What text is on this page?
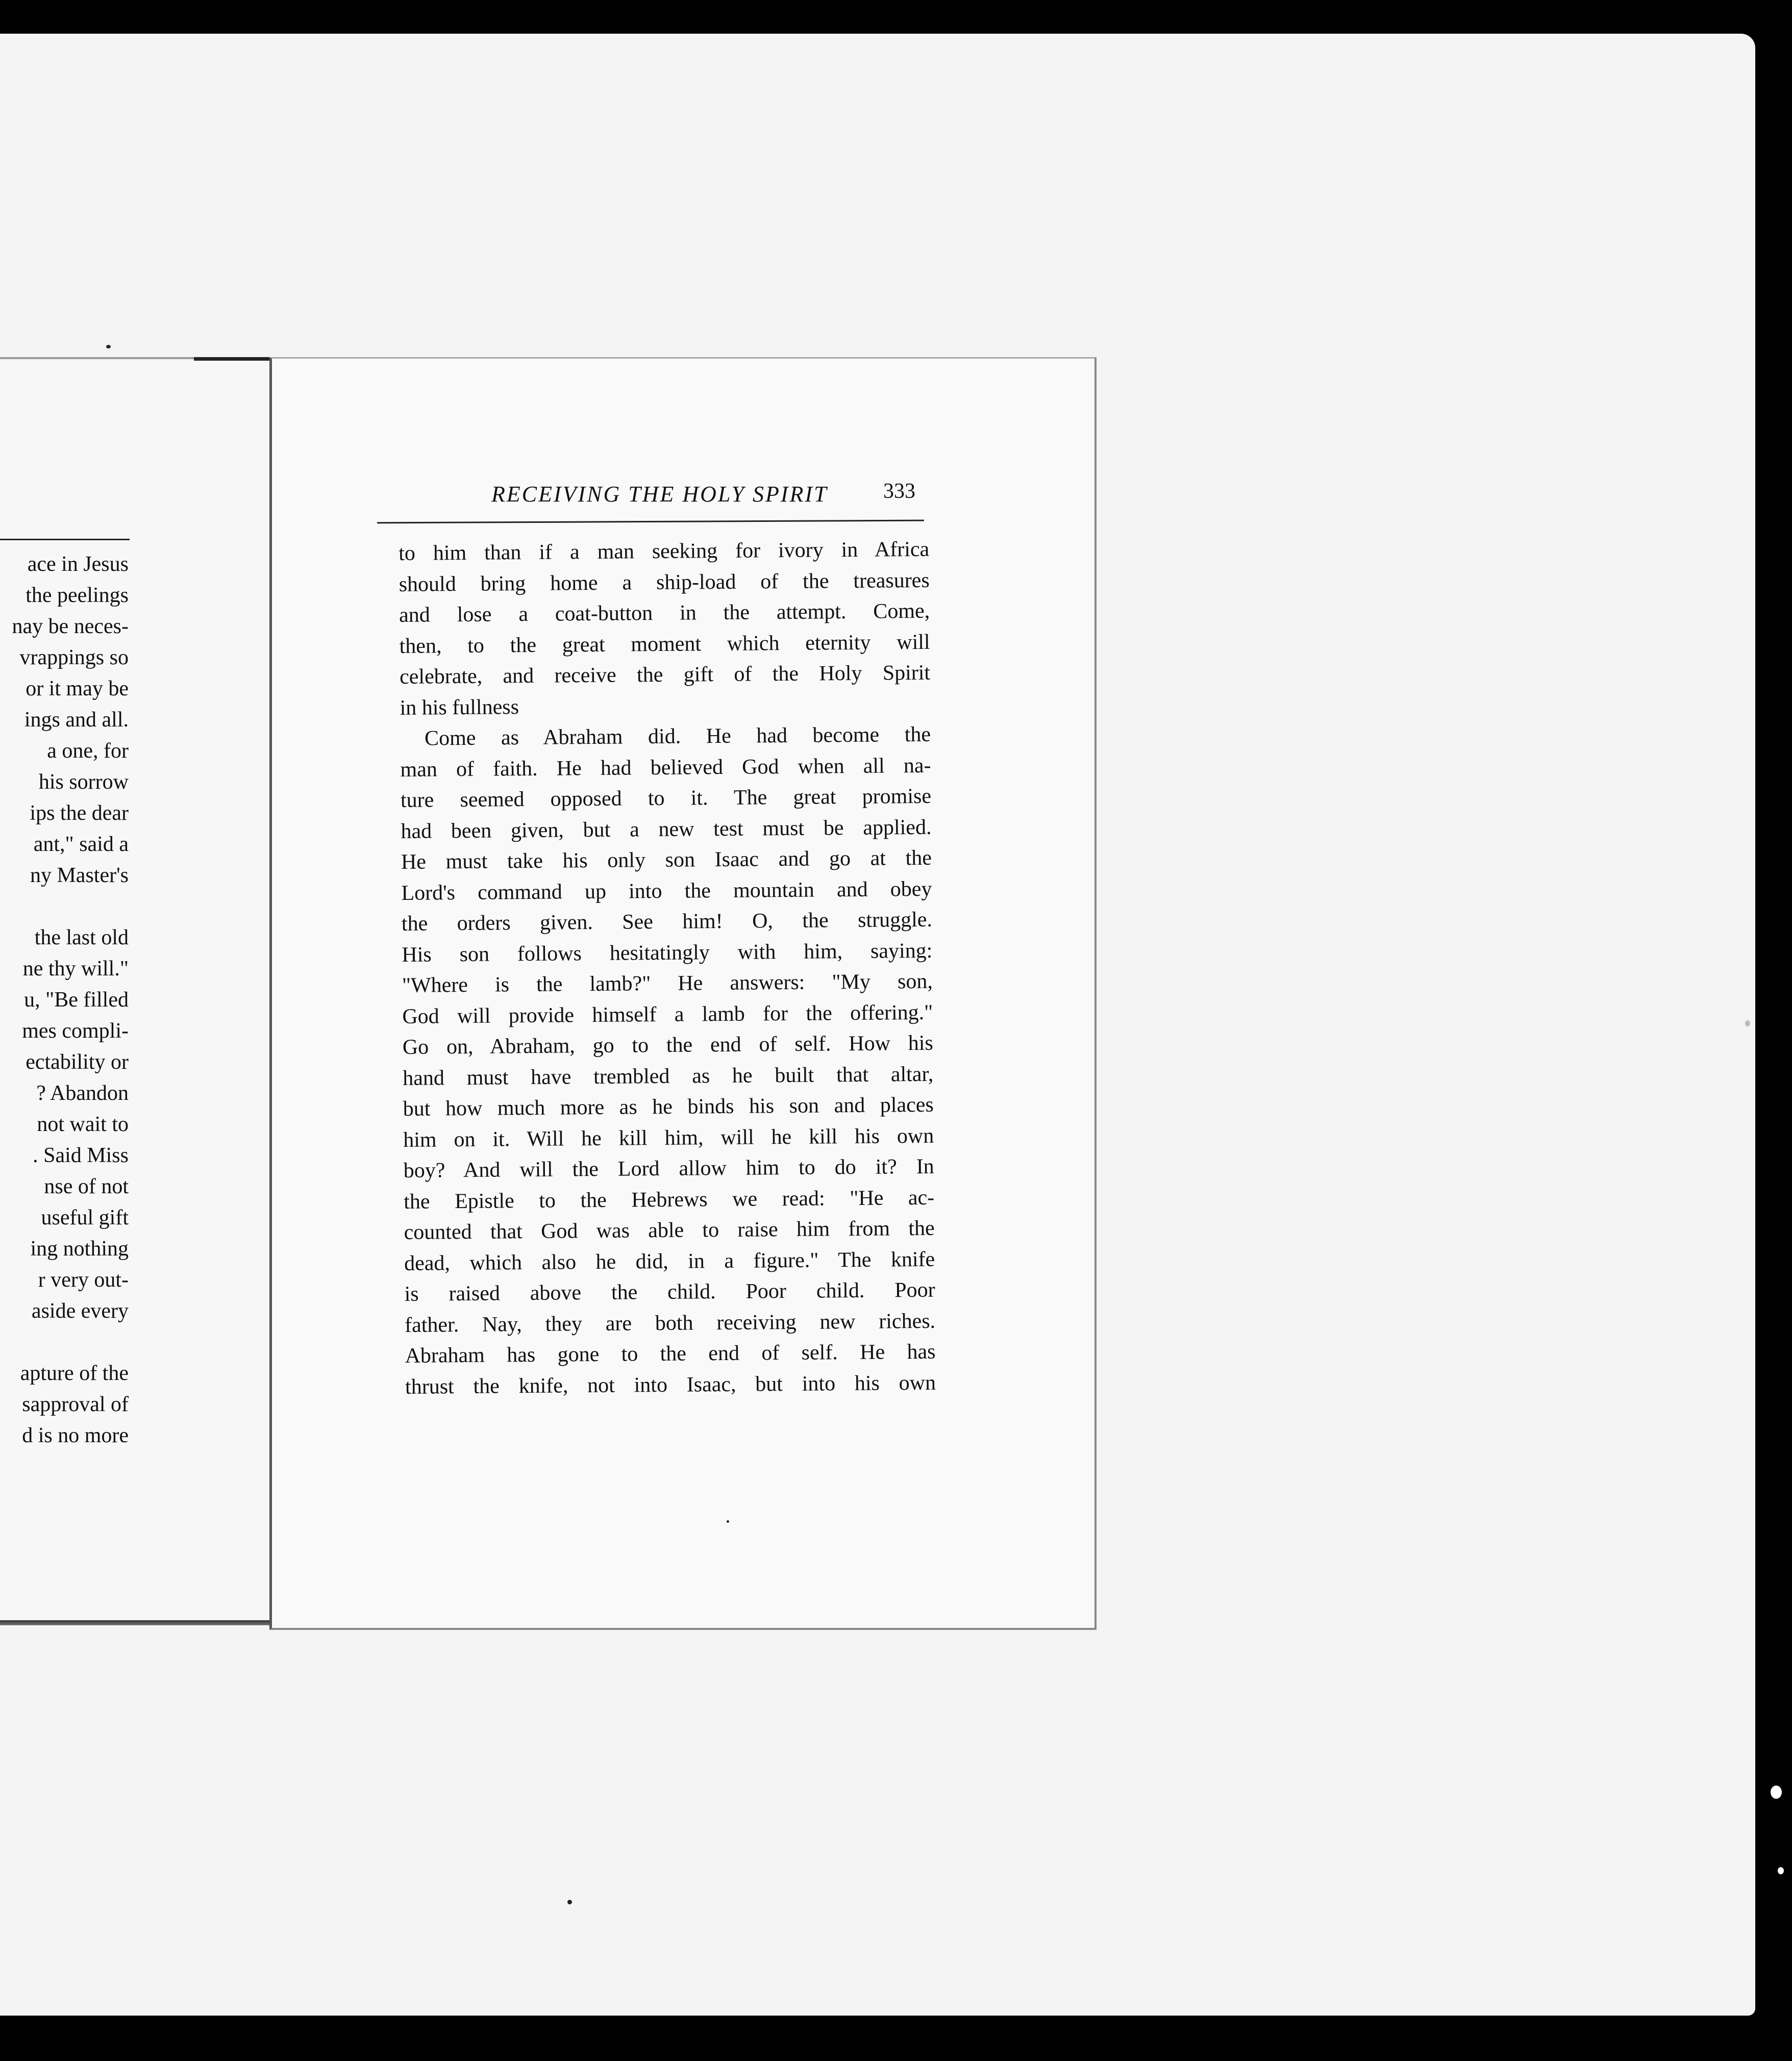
ace in Jesus
the peelings
nay be neces-
vrappings so
or it may be
ings and all.
a one, for
his sorrow
ips the dear
ant," said a
ny Master's

the last old
ne thy will."
u, "Be filled
mes compli-
ectability or
? Abandon
not wait to
. Said Miss
nse of not
useful gift
ing nothing
r very out-
aside every

apture of the
sapproval of
d is no more
RECEIVING THE HOLY SPIRIT	333
to him than if a man seeking for ivory in Africa
should bring home a ship-load of the treasures
and lose a coat-button in the attempt. Come,
then, to the great moment which eternity will
celebrate, and receive the gift of the Holy Spirit
in his fullness
Come as Abraham did. He had become the
man of faith. He had believed God when all na-
ture seemed opposed to it. The great promise
had been given, but a new test must be applied.
He must take his only son Isaac and go at the
Lord's command up into the mountain and obey
the orders given. See him! O, the struggle.
His son follows hesitatingly with him, saying:
"Where is the lamb?" He answers: "My son,
God will provide himself a lamb for the offering."
Go on, Abraham, go to the end of self. How his
hand must have trembled as he built that altar,
but how much more as he binds his son and places
him on it. Will he kill him, will he kill his own
boy? And will the Lord allow him to do it? In
the Epistle to the Hebrews we read: "He ac-
counted that God was able to raise him from the
dead, which also he did, in a figure." The knife
is raised above the child. Poor child. Poor
father. Nay, they are both receiving new riches.
Abraham has gone to the end of self. He has
thrust the knife, not into Isaac, but into his own
